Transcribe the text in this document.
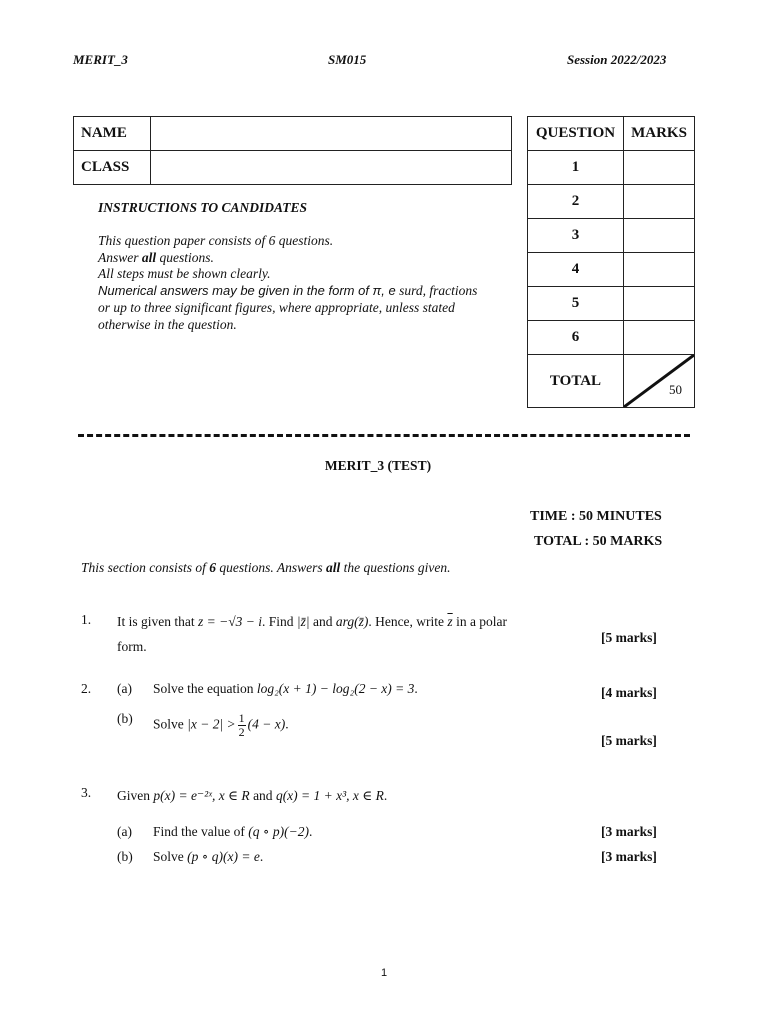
MERIT_3	SM015	Session 2022/2023
NAME	
CLASS	
QUESTION	MARKS
1	
2	
3	
4	
5	
6	
TOTAL	50
INSTRUCTIONS TO CANDIDATES
This question paper consists of 6 questions.
Answer all questions.
All steps must be shown clearly.
Numerical answers may be given in the form of π, e surd, fractions
or up to three significant figures, where appropriate, unless stated
otherwise in the question.
MERIT_3 (TEST)
TIME : 50 MINUTES
TOTAL : 50 MARKS
This section consists of 6 questions. Answers all the questions given.
1. It is given that z = −√3 − i. Find |z̄| and arg(z̄). Hence, write $\overline{z}$ in a polar
form.
[5 marks]
2. (a) Solve the equation log₂(x + 1) − log₂(2 − x) = 3.	[4 marks]
(b) Solve $|x - 2| > \frac{1}{2} (4 - x)$.
[5 marks]
3. Given p(x) = e⁻²ˣ, x ∈ R and q(x) = 1 + x³, x ∈ R.
(a) Find the value of (q ∘ p)(−2).	[3 marks]
(b) Solve (p ∘ q)(x) = e.	[3 marks]
1
